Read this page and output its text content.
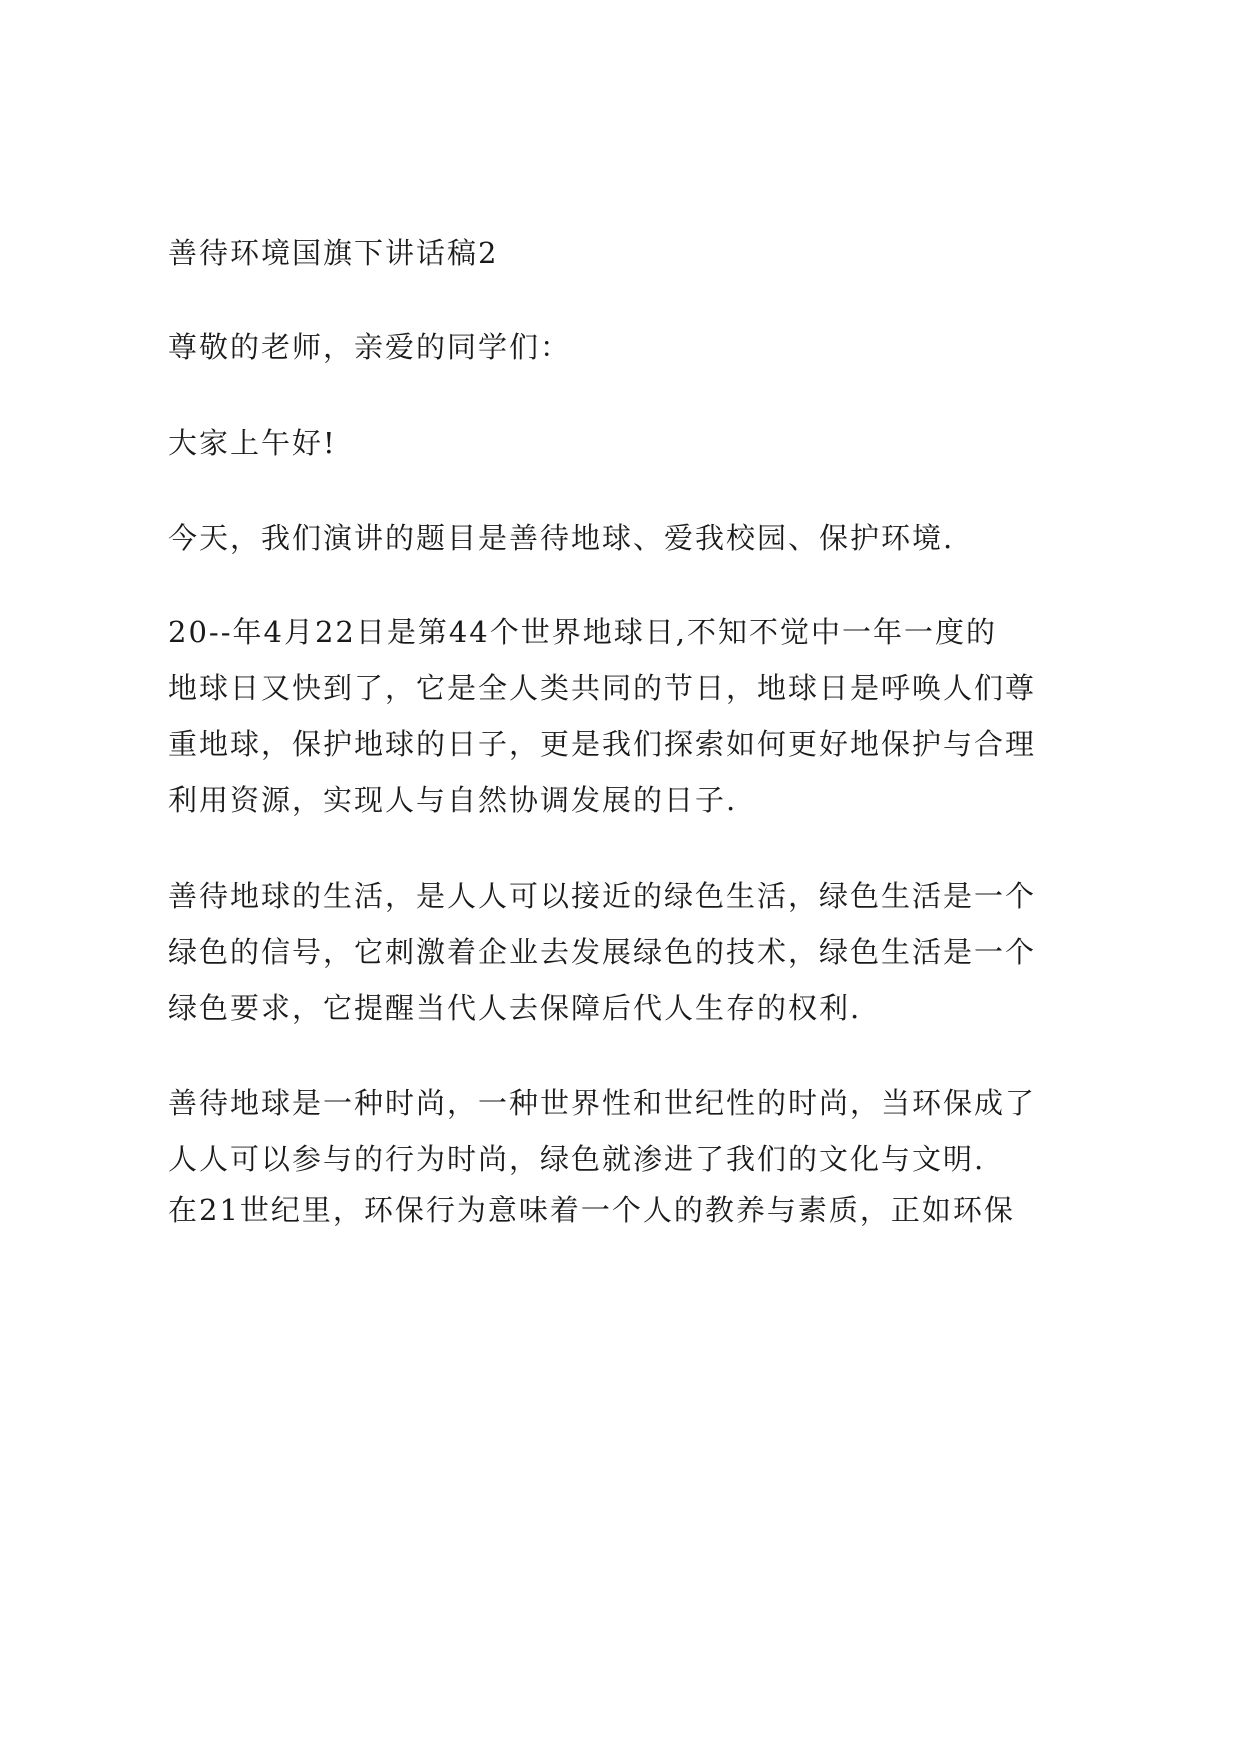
善待环境国旗下讲话稿2
尊敬的老师，亲爱的同学们：
大家上午好!
今天，我们演讲的题目是善待地球、爱我校园、保护环境.
20--年4月22日是第44个世界地球日,不知不觉中一年一度的
地球日又快到了，它是全人类共同的节日，地球日是呼唤人们尊
重地球，保护地球的日子，更是我们探索如何更好地保护与合理
利用资源，实现人与自然协调发展的日子.
善待地球的生活，是人人可以接近的绿色生活，绿色生活是一个
绿色的信号，它刺激着企业去发展绿色的技术，绿色生活是一个
绿色要求，它提醒当代人去保障后代人生存的权利.
善待地球是一种时尚，一种世界性和世纪性的时尚，当环保成了
人人可以参与的行为时尚，绿色就渗进了我们的文化与文明.
在21世纪里，环保行为意味着一个人的教养与素质，正如环保
